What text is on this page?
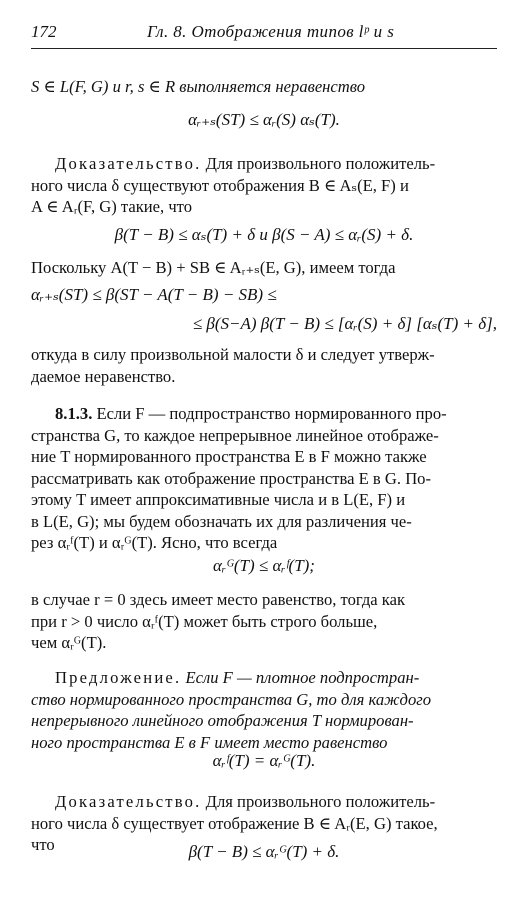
172	Гл. 8. Отображения типов lᵖ и s
S ∈ L(F, G) и r, s ∈ R выполняется неравенство
αᵣ₊ₛ(ST) ≤ αᵣ(S) αₛ(T).
Доказательство. Для произвольного положитель-
ного числа δ существуют отображения B ∈ Aₛ(E, F) и
A ∈ Aᵣ(F, G) такие, что
β(T − B) ≤ αₛ(T) + δ и β(S − A) ≤ αᵣ(S) + δ.
Поскольку A(T − B) + SB ∈ Aᵣ₊ₛ(E, G), имеем тогда
αᵣ₊ₛ(ST) ≤ β(ST − A(T − B) − SB) ≤
≤ β(S−A) β(T − B) ≤ [αᵣ(S) + δ] [αₛ(T) + δ],
откуда в силу произвольной малости δ и следует утверж-
даемое неравенство.
8.1.3. Если F — подпространство нормированного про-
странства G, то каждое непрерывное линейное отображе-
ние T нормированного пространства E в F можно также
рассматривать как отображение пространства E в G. По-
этому T имеет аппроксимативные числа и в L(E, F) и
в L(E, G); мы будем обозначать их для различения че-
рез αᵣᶠ(T) и αᵣᴳ(T). Ясно, что всегда
αᵣᴳ(T) ≤ αᵣᶠ(T);
в случае r = 0 здесь имеет место равенство, тогда как
при r > 0 число αᵣᶠ(T) может быть строго больше,
чем αᵣᴳ(T).
Предложение. Если F — плотное подпростран-
ство нормированного пространства G, то для каждого
непрерывного линейного отображения T нормирован-
ного пространства E в F имеет место равенство
αᵣᶠ(T) = αᵣᴳ(T).
Доказательство. Для произвольного положитель-
ного числа δ существует отображение B ∈ Aᵣ(E, G) такое,
что	β(T − B) ≤ αᵣᴳ(T) + δ.
